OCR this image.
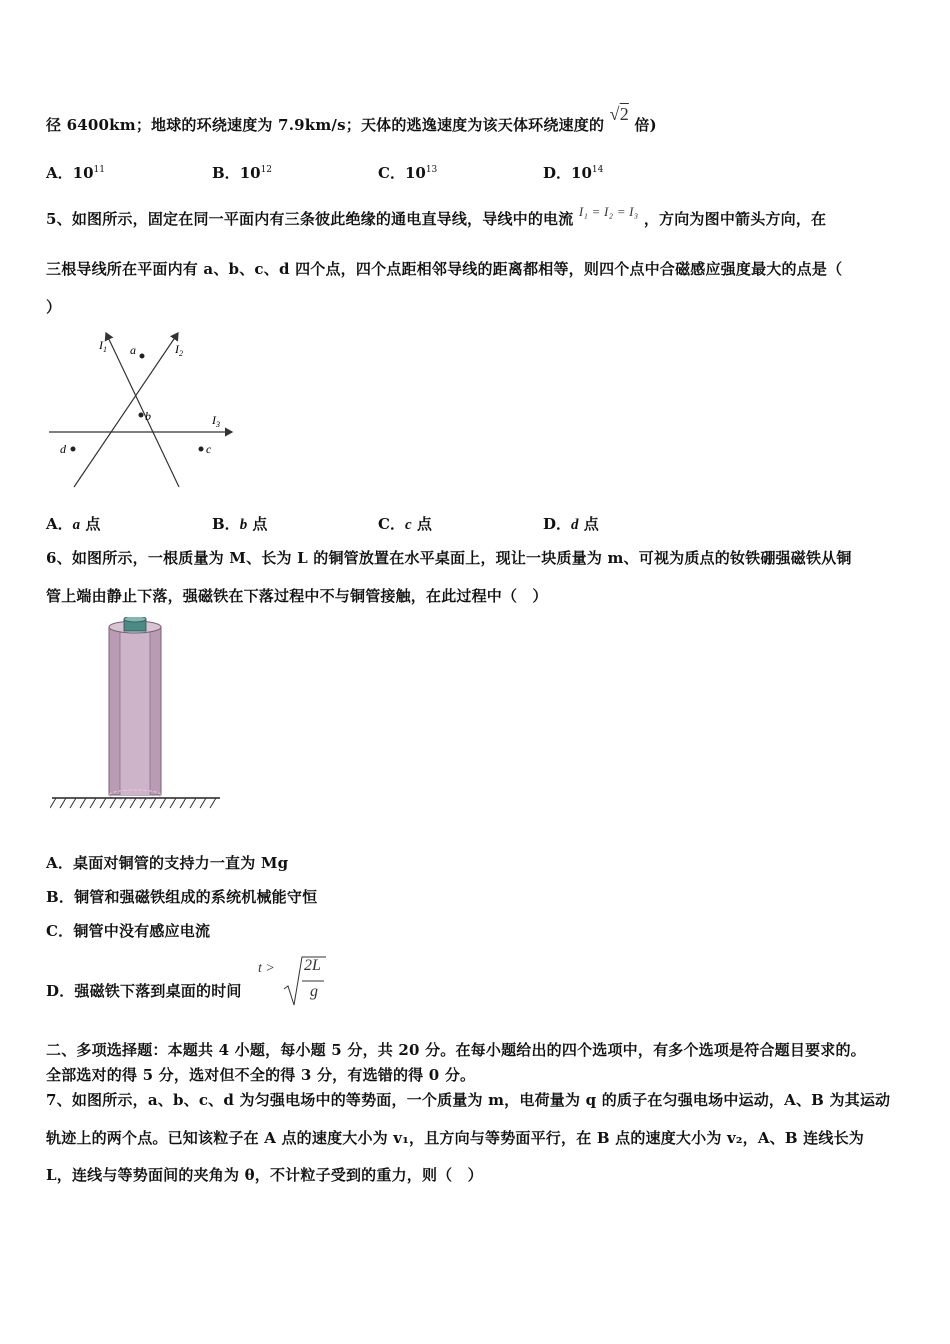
径 6400km；地球的环绕速度为 7.9km/s；天体的逃逸速度为该天体环绕速度的 √2 倍)
A．$10^{11}$	B．$10^{12}$	C．$10^{13}$	D．$10^{14}$
5、如图所示，固定在同一平面内有三条彼此绝缘的通电直导线，导线中的电流 I₁ = I₂ = I₃ ，方向为图中箭头方向，在
三根导线所在平面内有 a、b、c、d 四个点，四个点距相邻导线的距离都相等，则四个点中合磁感应强度最大的点是（
）
$I_1$	$I_2$
$I_3$
a
b
c
d
A．a 点	B．b 点	C．c 点	D．d 点
6、如图所示，一根质量为 M、长为 L 的铜管放置在水平桌面上，现让一块质量为 m、可视为质点的钕铁硼强磁铁从铜
管上端由静止下落，强磁铁在下落过程中不与铜管接触，在此过程中（　）
A．桌面对铜管的支持力一直为 Mg
B．铜管和强磁铁组成的系统机械能守恒
C．铜管中没有感应电流
D．强磁铁下落到桌面的时间
t > 2L
g
二、多项选择题：本题共 4 小题，每小题 5 分，共 20 分。在每小题给出的四个选项中，有多个选项是符合题目要求的。
全部选对的得 5 分，选对但不全的得 3 分，有选错的得 0 分。
7、如图所示，a、b、c、d 为匀强电场中的等势面，一个质量为 m，电荷量为 q 的质子在匀强电场中运动，A、B 为其运动
轨迹上的两个点。已知该粒子在 A 点的速度大小为 v₁，且方向与等势面平行，在 B 点的速度大小为 v₂，A、B 连线长为
L，连线与等势面间的夹角为 θ，不计粒子受到的重力，则（　）
